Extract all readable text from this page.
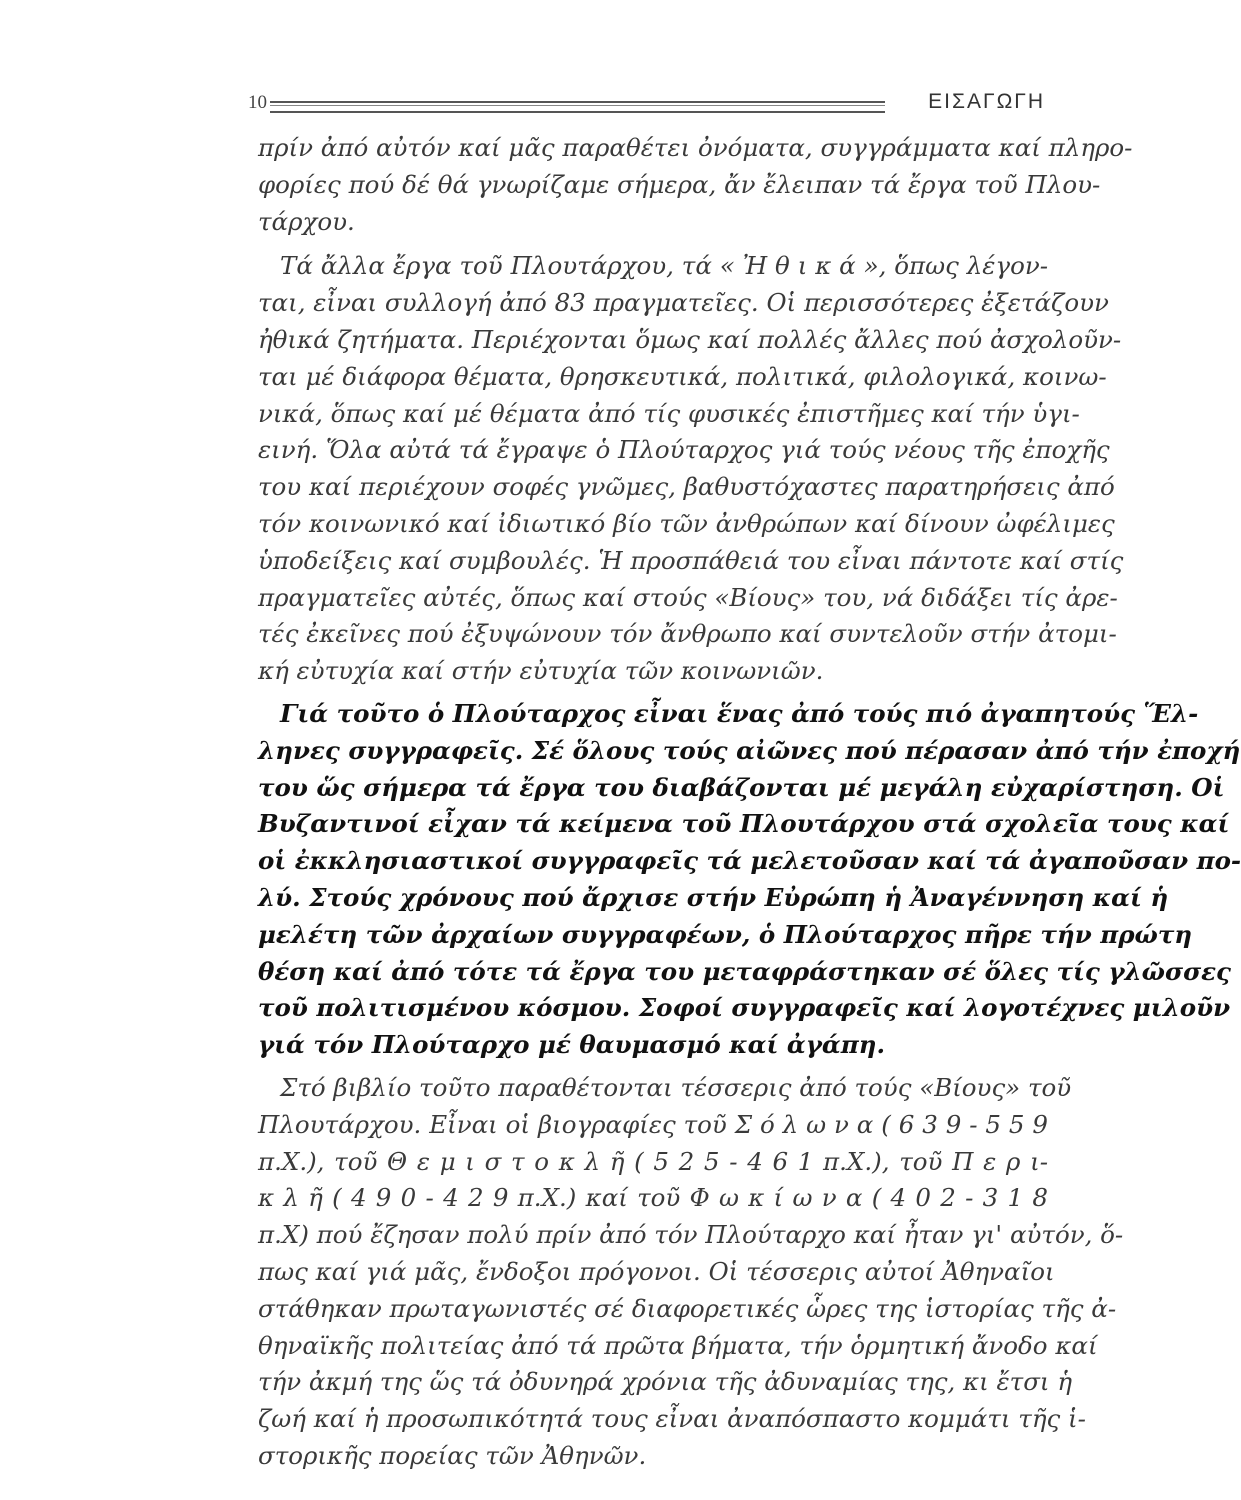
10	ΕΙΣΑΓΩΓΗ
πρίν ἀπό αὐτόν καί μᾶς παραθέτει ὀνόματα, συγγράμματα καί πληρο-
φορίες πού δέ θά γνωρίζαμε σήμερα, ἄν ἔλειπαν τά ἔργα τοῦ Πλου-
τάρχου.
Τά ἄλλα ἔργα τοῦ Πλουτάρχου, τά « Ἠ θ ι κ ά », ὅπως λέγον-
ται, εἶναι συλλογή ἀπό 83 πραγματεῖες. Οἱ περισσότερες ἐξετάζουν
ἠθικά ζητήματα. Περιέχονται ὅμως καί πολλές ἄλλες πού ἀσχολοῦν-
ται μέ διάφορα θέματα, θρησκευτικά, πολιτικά, φιλολογικά, κοινω-
νικά, ὅπως καί μέ θέματα ἀπό τίς φυσικές ἐπιστῆμες καί τήν ὑγι-
εινή. Ὅλα αὐτά τά ἔγραψε ὁ Πλούταρχος γιά τούς νέους τῆς ἐποχῆς
του καί περιέχουν σοφές γνῶμες, βαθυστόχαστες παρατηρήσεις ἀπό
τόν κοινωνικό καί ἰδιωτικό βίο τῶν ἀνθρώπων καί δίνουν ὠφέλιμες
ὑποδείξεις καί συμβουλές. Ἡ προσπάθειά του εἶναι πάντοτε καί στίς
πραγματεῖες αὐτές, ὅπως καί στούς «Βίους» του, νά διδάξει τίς ἀρε-
τές ἐκεῖνες πού ἐξυψώνουν τόν ἄνθρωπο καί συντελοῦν στήν ἀτομι-
κή εὐτυχία καί στήν εὐτυχία τῶν κοινωνιῶν.
Γιά τοῦτο ὁ Πλούταρχος εἶναι ἕνας ἀπό τούς πιό ἀγαπητούς Ἕλ-
ληνες συγγραφεῖς. Σέ ὅλους τούς αἰῶνες πού πέρασαν ἀπό τήν ἐποχή
του ὥς σήμερα τά ἔργα του διαβάζονται μέ μεγάλη εὐχαρίστηση. Οἱ
Βυζαντινοί εἶχαν τά κείμενα τοῦ Πλουτάρχου στά σχολεῖα τους καί
οἱ ἐκκλησιαστικοί συγγραφεῖς τά μελετοῦσαν καί τά ἀγαποῦσαν πο-
λύ. Στούς χρόνους πού ἄρχισε στήν Εὐρώπη ἡ Ἀναγέννηση καί ἡ
μελέτη τῶν ἀρχαίων συγγραφέων, ὁ Πλούταρχος πῆρε τήν πρώτη
θέση καί ἀπό τότε τά ἔργα του μεταφράστηκαν σέ ὅλες τίς γλῶσσες
τοῦ πολιτισμένου κόσμου. Σοφοί συγγραφεῖς καί λογοτέχνες μιλοῦν
γιά τόν Πλούταρχο μέ θαυμασμό καί ἀγάπη.
Στό βιβλίο τοῦτο παραθέτονται τέσσερις ἀπό τούς «Βίους» τοῦ
Πλουτάρχου. Εἶναι οἱ βιογραφίες τοῦ Σ ό λ ω ν α ( 6 3 9 - 5 5 9
π.Χ.), τοῦ Θ ε μ ι σ τ ο κ λ ῆ ( 5 2 5 - 4 6 1 π.Χ.), τοῦ Π ε ρ ι-
κ λ ῆ ( 4 9 0 - 4 2 9 π.Χ.) καί τοῦ Φ ω κ ί ω ν α ( 4 0 2 - 3 1 8
π.Χ) πού ἔζησαν πολύ πρίν ἀπό τόν Πλούταρχο καί ἦταν γι' αὐτόν, ὅ-
πως καί γιά μᾶς, ἔνδοξοι πρόγονοι. Οἱ τέσσερις αὐτοί Ἀθηναῖοι
στάθηκαν πρωταγωνιστές σέ διαφορετικές ὧρες της ἱστορίας τῆς ἀ-
θηναϊκῆς πολιτείας ἀπό τά πρῶτα βήματα, τήν ὁρμητική ἄνοδο καί
τήν ἀκμή της ὥς τά ὀδυνηρά χρόνια τῆς ἀδυναμίας της, κι ἔτσι ἡ
ζωή καί ἡ προσωπικότητά τους εἶναι ἀναπόσπαστο κομμάτι τῆς ἱ-
στορικῆς πορείας τῶν Ἀθηνῶν.
